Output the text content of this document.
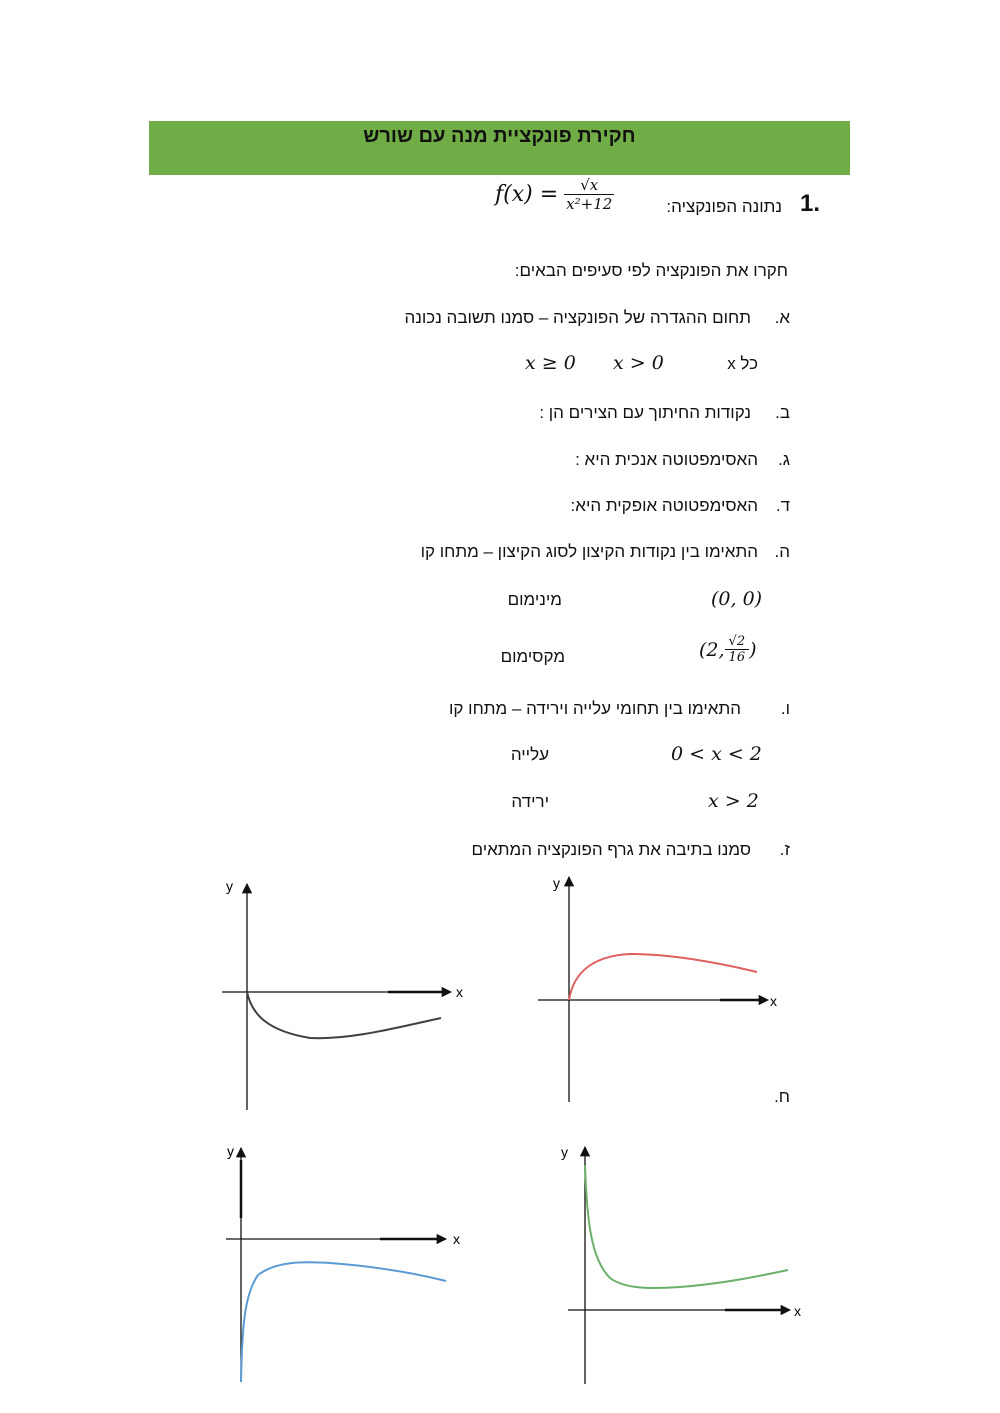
חקירת פונקציית מנה עם שורש
1.
נתונה הפונקציה:
$f(x) = \frac{√x}{\text{x²+12}}$
חקרו את הפונקציה לפי סעיפים הבאים:
א.
תחום ההגדרה של הפונקציה – סמנו תשובה נכונה
x ≥ 0 x > 0	כל x
ב.
נקודות החיתוך עם הצירים הן :
ג.
האסימפטוטה אנכית היא :
ד.
האסימפטוטה אופקית היא:
ה.
התאימו בין נקודות הקיצון לסוג הקיצון – מתחו קו
(0, 0)
מינימום
(2, $\frac{√2}{16}$ )
מקסימום
ו.
התאימו בין תחומי עלייה וירידה – מתחו קו
0 < x < 2
עלייה
x > 2
ירידה
ז.
סמנו בתיבה את גרף הפונקציה המתאים
ח.
y
x
y
x
y
x
y
x
